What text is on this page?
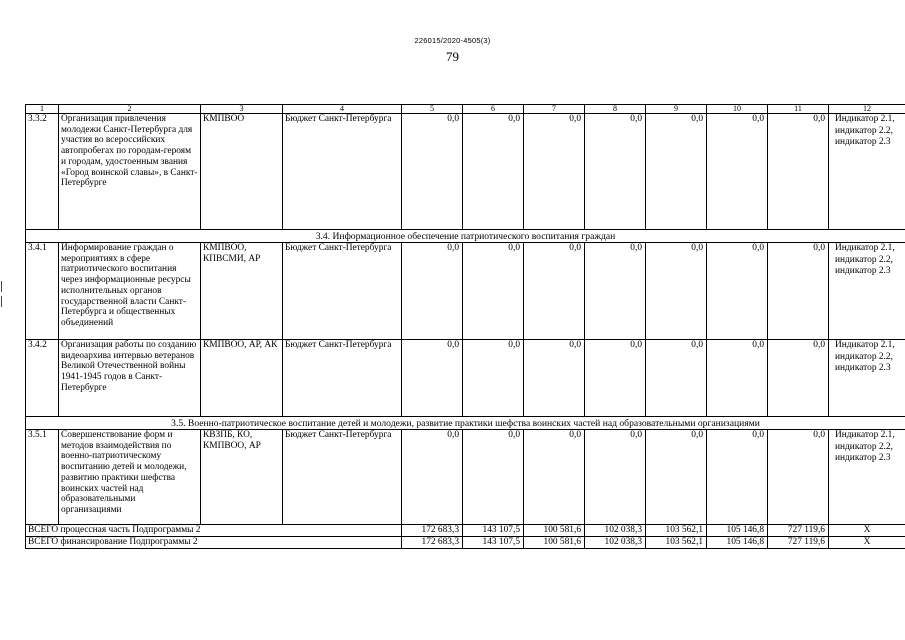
226015/2020-4505(3)
79
1	2	3	4	5	6	7	8	9	10	11	12
3.3.2	Организация привлечения молодежи Санкт-Петербурга для участия во всероссийских автопробегах по городам-героям и городам, удостоенным звания «Город воинской славы», в Санкт-Петербурге	КМПВОО	Бюджет Санкт-Петербурга	0,0	0,0	0,0	0,0	0,0	0,0	0,0	Индикатор 2.1, индикатор 2.2, индикатор 2.3
3.4. Информационное обеспечение патриотического воспитания граждан											
3.4.1	Информирование граждан о мероприятиях в сфере патриотического воспитания через информационные ресурсы исполнительных органов государственной власти Санкт-Петербурга и общественных объединений	КМПВОО, КПВСМИ, АР	Бюджет Санкт-Петербурга	0,0	0,0	0,0	0,0	0,0	0,0	0,0	Индикатор 2.1, индикатор 2.2, индикатор 2.3
3.4.2	Организация работы по созданию видеоархива интервью ветеранов Великой Отечественной войны 1941-1945 годов в Санкт-Петербурге	КМПВОО, АР, АК	Бюджет Санкт-Петербурга	0,0	0,0	0,0	0,0	0,0	0,0	0,0	Индикатор 2.1, индикатор 2.2, индикатор 2.3
3.5. Военно-патриотическое воспитание детей и молодежи, развитие практики шефства воинских частей над образовательными организациями											
3.5.1	Совершенствование форм и методов взаимодействия по военно-патриотическому воспитанию детей и молодежи, развитию практики шефства воинских частей над образовательными организациями	КВЗПБ, КО, КМПВОО, АР	Бюджет Санкт-Петербурга	0,0	0,0	0,0	0,0	0,0	0,0	0,0	Индикатор 2.1, индикатор 2.2, индикатор 2.3
ВСЕГО процессная часть Подпрограммы 2				172 683,3	143 107,5	100 581,6	102 038,3	103 562,1	105 146,8	727 119,6	X
ВСЕГО финансирование Подпрограммы 2				172 683,3	143 107,5	100 581,6	102 038,3	103 562,1	105 146,8	727 119,6	X
